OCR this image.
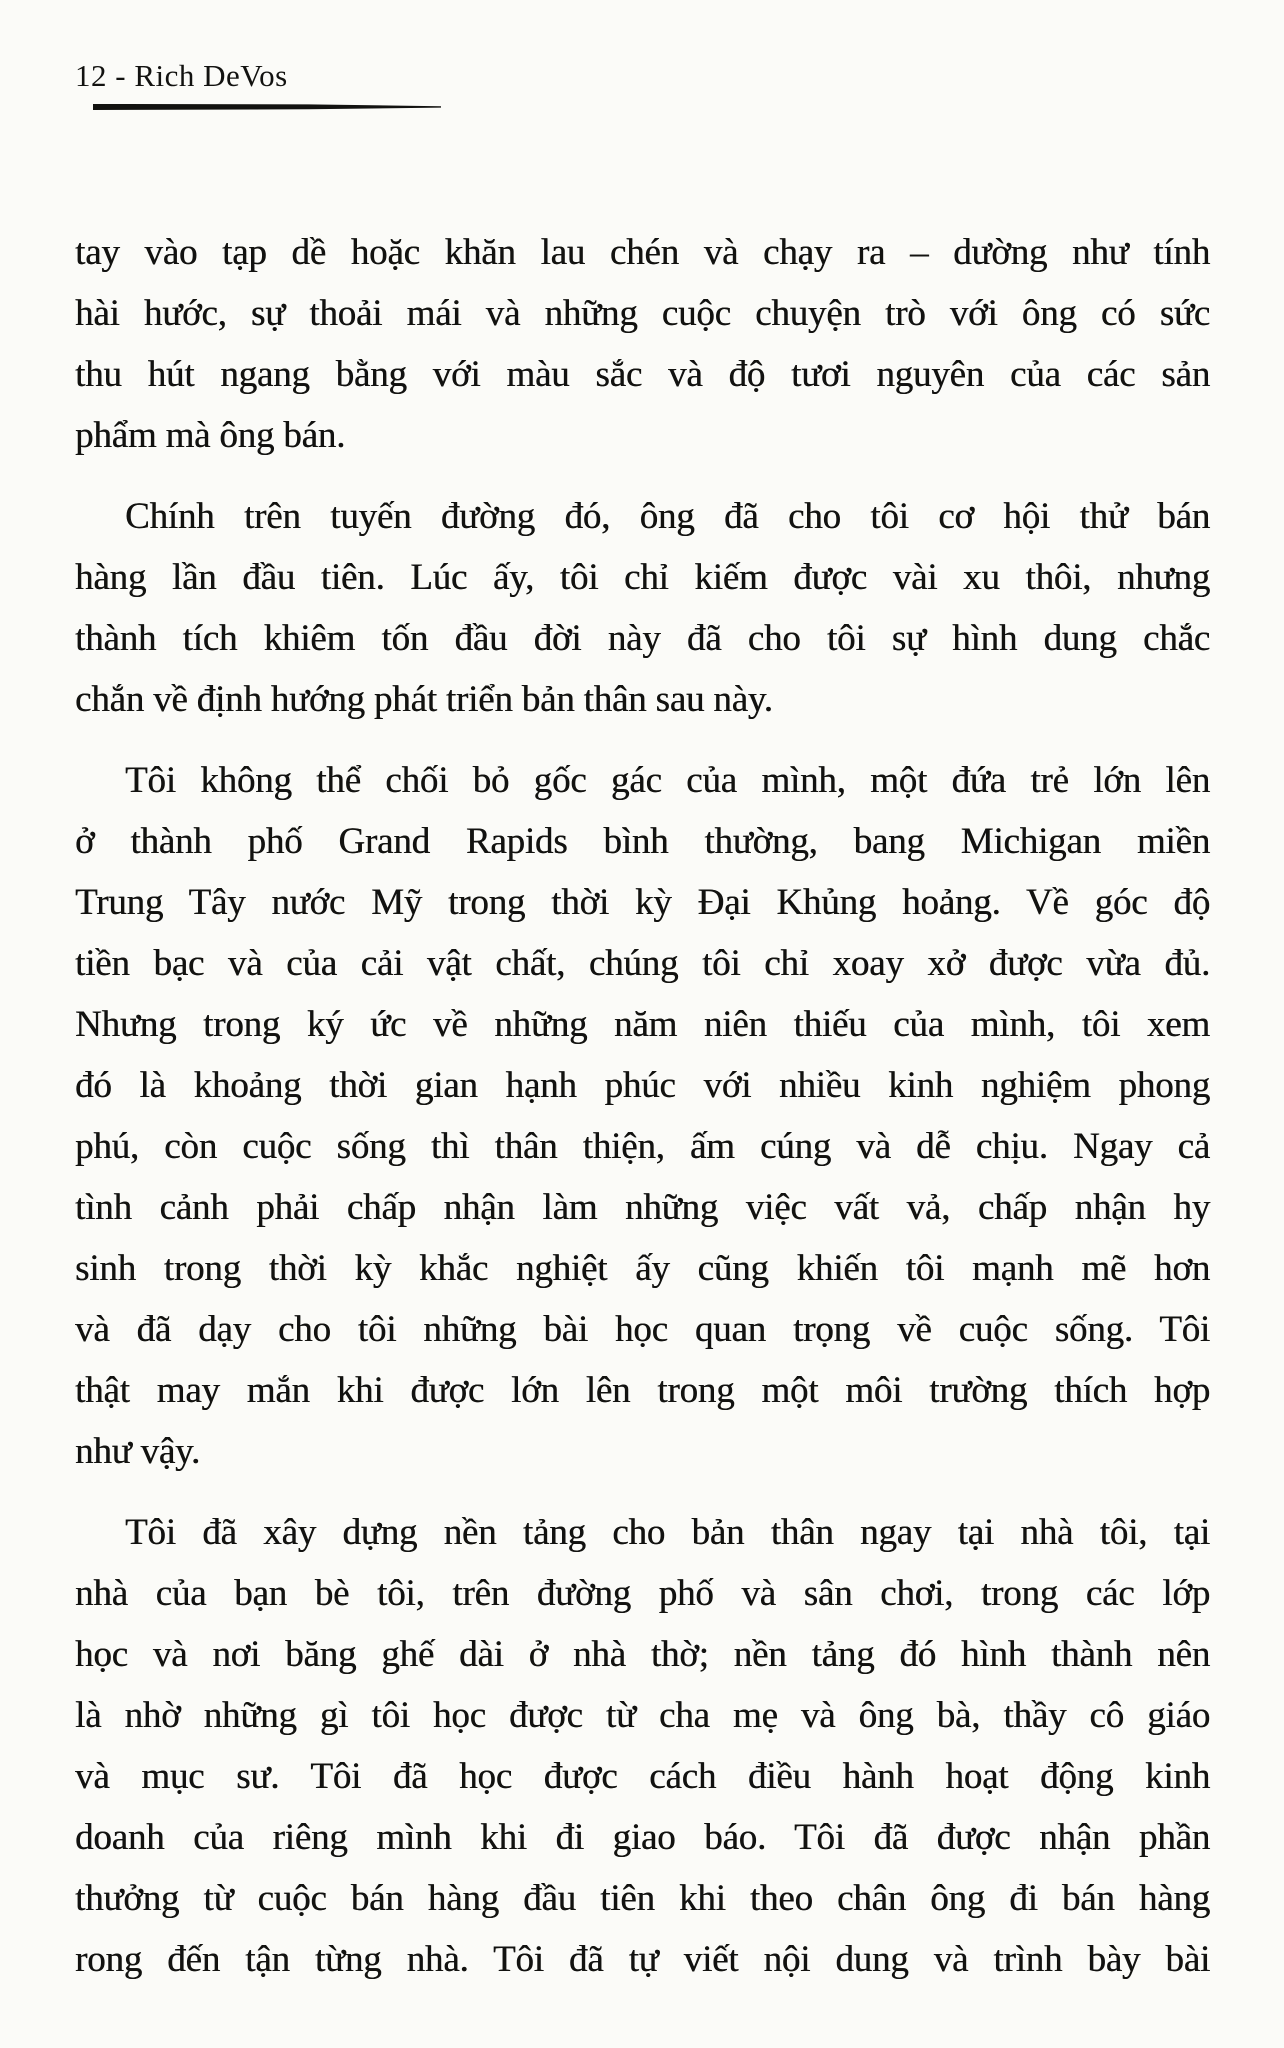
12 - Rich DeVos

tay vào tạp dề hoặc khăn lau chén và chạy ra – dường như tính
hài hước, sự thoải mái và những cuộc chuyện trò với ông có sức
thu hút ngang bằng với màu sắc và độ tươi nguyên của các sản
phẩm mà ông bán.

Chính trên tuyến đường đó, ông đã cho tôi cơ hội thử bán
hàng lần đầu tiên. Lúc ấy, tôi chỉ kiếm được vài xu thôi, nhưng
thành tích khiêm tốn đầu đời này đã cho tôi sự hình dung chắc
chắn về định hướng phát triển bản thân sau này.

Tôi không thể chối bỏ gốc gác của mình, một đứa trẻ lớn lên
ở thành phố Grand Rapids bình thường, bang Michigan miền
Trung Tây nước Mỹ trong thời kỳ Đại Khủng hoảng. Về góc độ
tiền bạc và của cải vật chất, chúng tôi chỉ xoay xở được vừa đủ.
Nhưng trong ký ức về những năm niên thiếu của mình, tôi xem
đó là khoảng thời gian hạnh phúc với nhiều kinh nghiệm phong
phú, còn cuộc sống thì thân thiện, ấm cúng và dễ chịu. Ngay cả
tình cảnh phải chấp nhận làm những việc vất vả, chấp nhận hy
sinh trong thời kỳ khắc nghiệt ấy cũng khiến tôi mạnh mẽ hơn
và đã dạy cho tôi những bài học quan trọng về cuộc sống. Tôi
thật may mắn khi được lớn lên trong một môi trường thích hợp
như vậy.

Tôi đã xây dựng nền tảng cho bản thân ngay tại nhà tôi, tại
nhà của bạn bè tôi, trên đường phố và sân chơi, trong các lớp
học và nơi băng ghế dài ở nhà thờ; nền tảng đó hình thành nên
là nhờ những gì tôi học được từ cha mẹ và ông bà, thầy cô giáo
và mục sư. Tôi đã học được cách điều hành hoạt động kinh
doanh của riêng mình khi đi giao báo. Tôi đã được nhận phần
thưởng từ cuộc bán hàng đầu tiên khi theo chân ông đi bán hàng
rong đến tận từng nhà. Tôi đã tự viết nội dung và trình bày bài
